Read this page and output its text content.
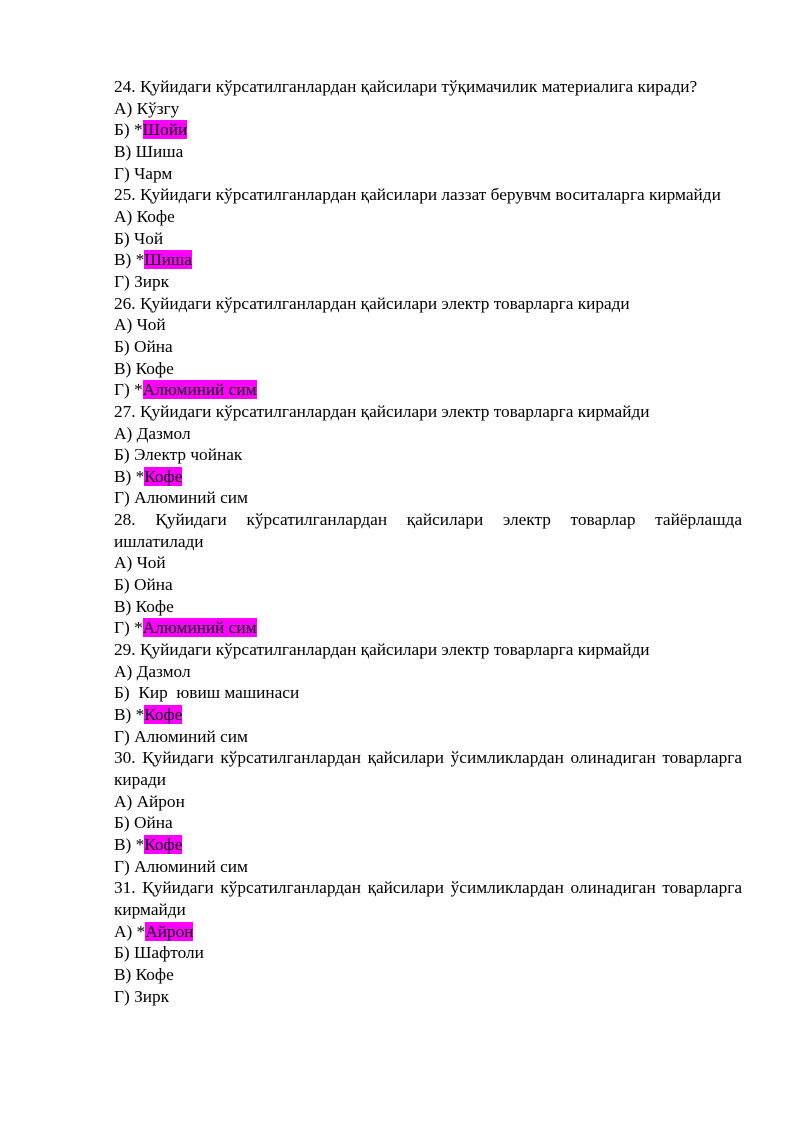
24. Қуйидаги кўрсатилганлардан қайсилари тўқимачилик материалига киради?
А) Кўзгу
Б) *Шойи
В) Шиша
Г) Чарм
25. Қуйидаги кўрсатилганлардан қайсилари лаззат берувчм воситаларга кирмайди
А) Кофе
Б) Чой
В) *Шиша
Г) Зирк
26. Қуйидаги кўрсатилганлардан қайсилари электр товарларга киради
А) Чой
Б) Ойна
В) Кофе
Г) *Алюминий сим
27. Қуйидаги кўрсатилганлардан қайсилари электр товарларга кирмайди
А) Дазмол
Б) Электр чойнак
В) *Кофе
Г) Алюминий сим
28. Қуйидаги кўрсатилганлардан қайсилари электр товарлар тайёрлашда ишлатилади
А) Чой
Б) Ойна
В) Кофе
Г) *Алюминий сим
29. Қуйидаги кўрсатилганлардан қайсилари электр товарларга кирмайди
А) Дазмол
Б)  Кир  ювиш машинаси
В) *Кофе
Г) Алюминий сим
30. Қуйидаги кўрсатилганлардан қайсилари ўсимликлардан олинадиган товарларга киради
А) Айрон
Б) Ойна
В) *Кофе
Г) Алюминий сим
31. Қуйидаги кўрсатилганлардан қайсилари ўсимликлардан олинадиган товарларга кирмайди
А) *Айрон
Б) Шафтоли
В) Кофе
Г) Зирк
